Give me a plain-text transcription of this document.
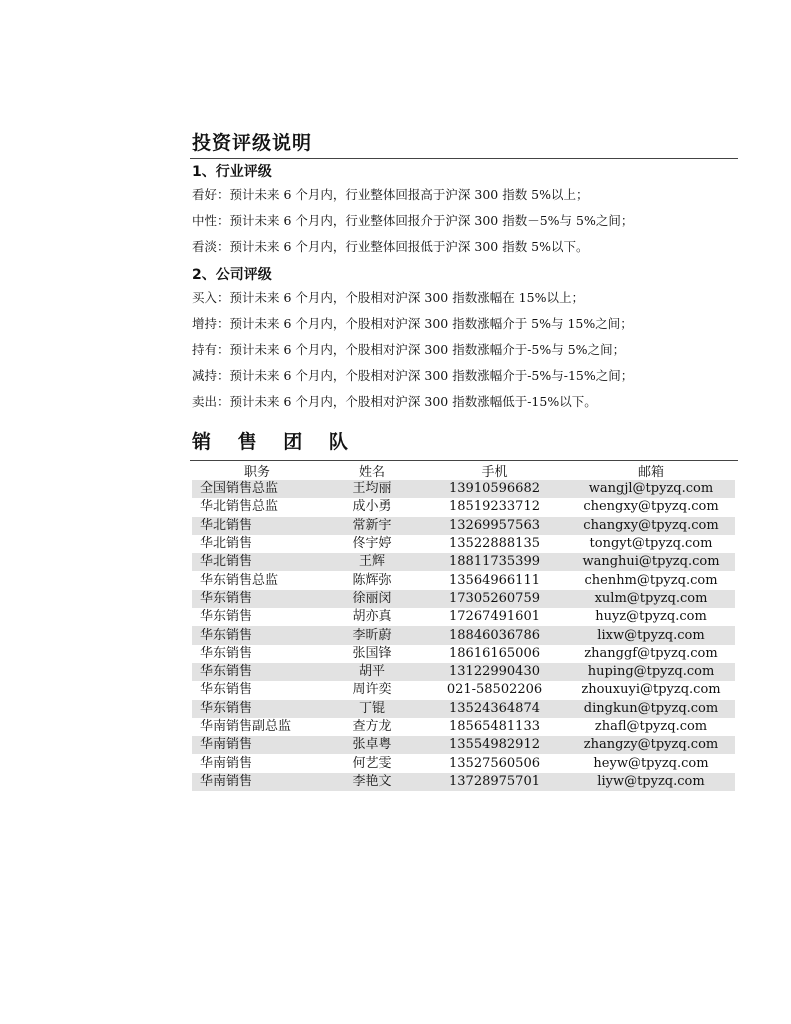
投资评级说明
1、行业评级
看好：预计未来 6 个月内，行业整体回报高于沪深 300 指数 5%以上；
中性：预计未来 6 个月内，行业整体回报介于沪深 300 指数－5%与 5%之间；
看淡：预计未来 6 个月内，行业整体回报低于沪深 300 指数 5%以下。
2、公司评级
买入：预计未来 6 个月内，个股相对沪深 300 指数涨幅在 15%以上；
增持：预计未来 6 个月内，个股相对沪深 300 指数涨幅介于 5%与 15%之间；
持有：预计未来 6 个月内，个股相对沪深 300 指数涨幅介于-5%与 5%之间；
减持：预计未来 6 个月内，个股相对沪深 300 指数涨幅介于-5%与-15%之间；
卖出：预计未来 6 个月内，个股相对沪深 300 指数涨幅低于-15%以下。
销 售 团 队
职务	姓名	手机	邮箱
全国销售总监	王均丽	13910596682	wangjl@tpyzq.com
华北销售总监	成小勇	18519233712	chengxy@tpyzq.com
华北销售	常新宇	13269957563	changxy@tpyzq.com
华北销售	佟宇婷	13522888135	tongyt@tpyzq.com
华北销售	王辉	18811735399	wanghui@tpyzq.com
华东销售总监	陈辉弥	13564966111	chenhm@tpyzq.com
华东销售	徐丽闵	17305260759	xulm@tpyzq.com
华东销售	胡亦真	17267491601	huyz@tpyzq.com
华东销售	李昕蔚	18846036786	lixw@tpyzq.com
华东销售	张国锋	18616165006	zhanggf@tpyzq.com
华东销售	胡平	13122990430	huping@tpyzq.com
华东销售	周许奕	021-58502206	zhouxuyi@tpyzq.com
华东销售	丁锟	13524364874	dingkun@tpyzq.com
华南销售副总监	查方龙	18565481133	zhafl@tpyzq.com
华南销售	张卓粤	13554982912	zhangzy@tpyzq.com
华南销售	何艺雯	13527560506	heyw@tpyzq.com
华南销售	李艳文	13728975701	liyw@tpyzq.com
